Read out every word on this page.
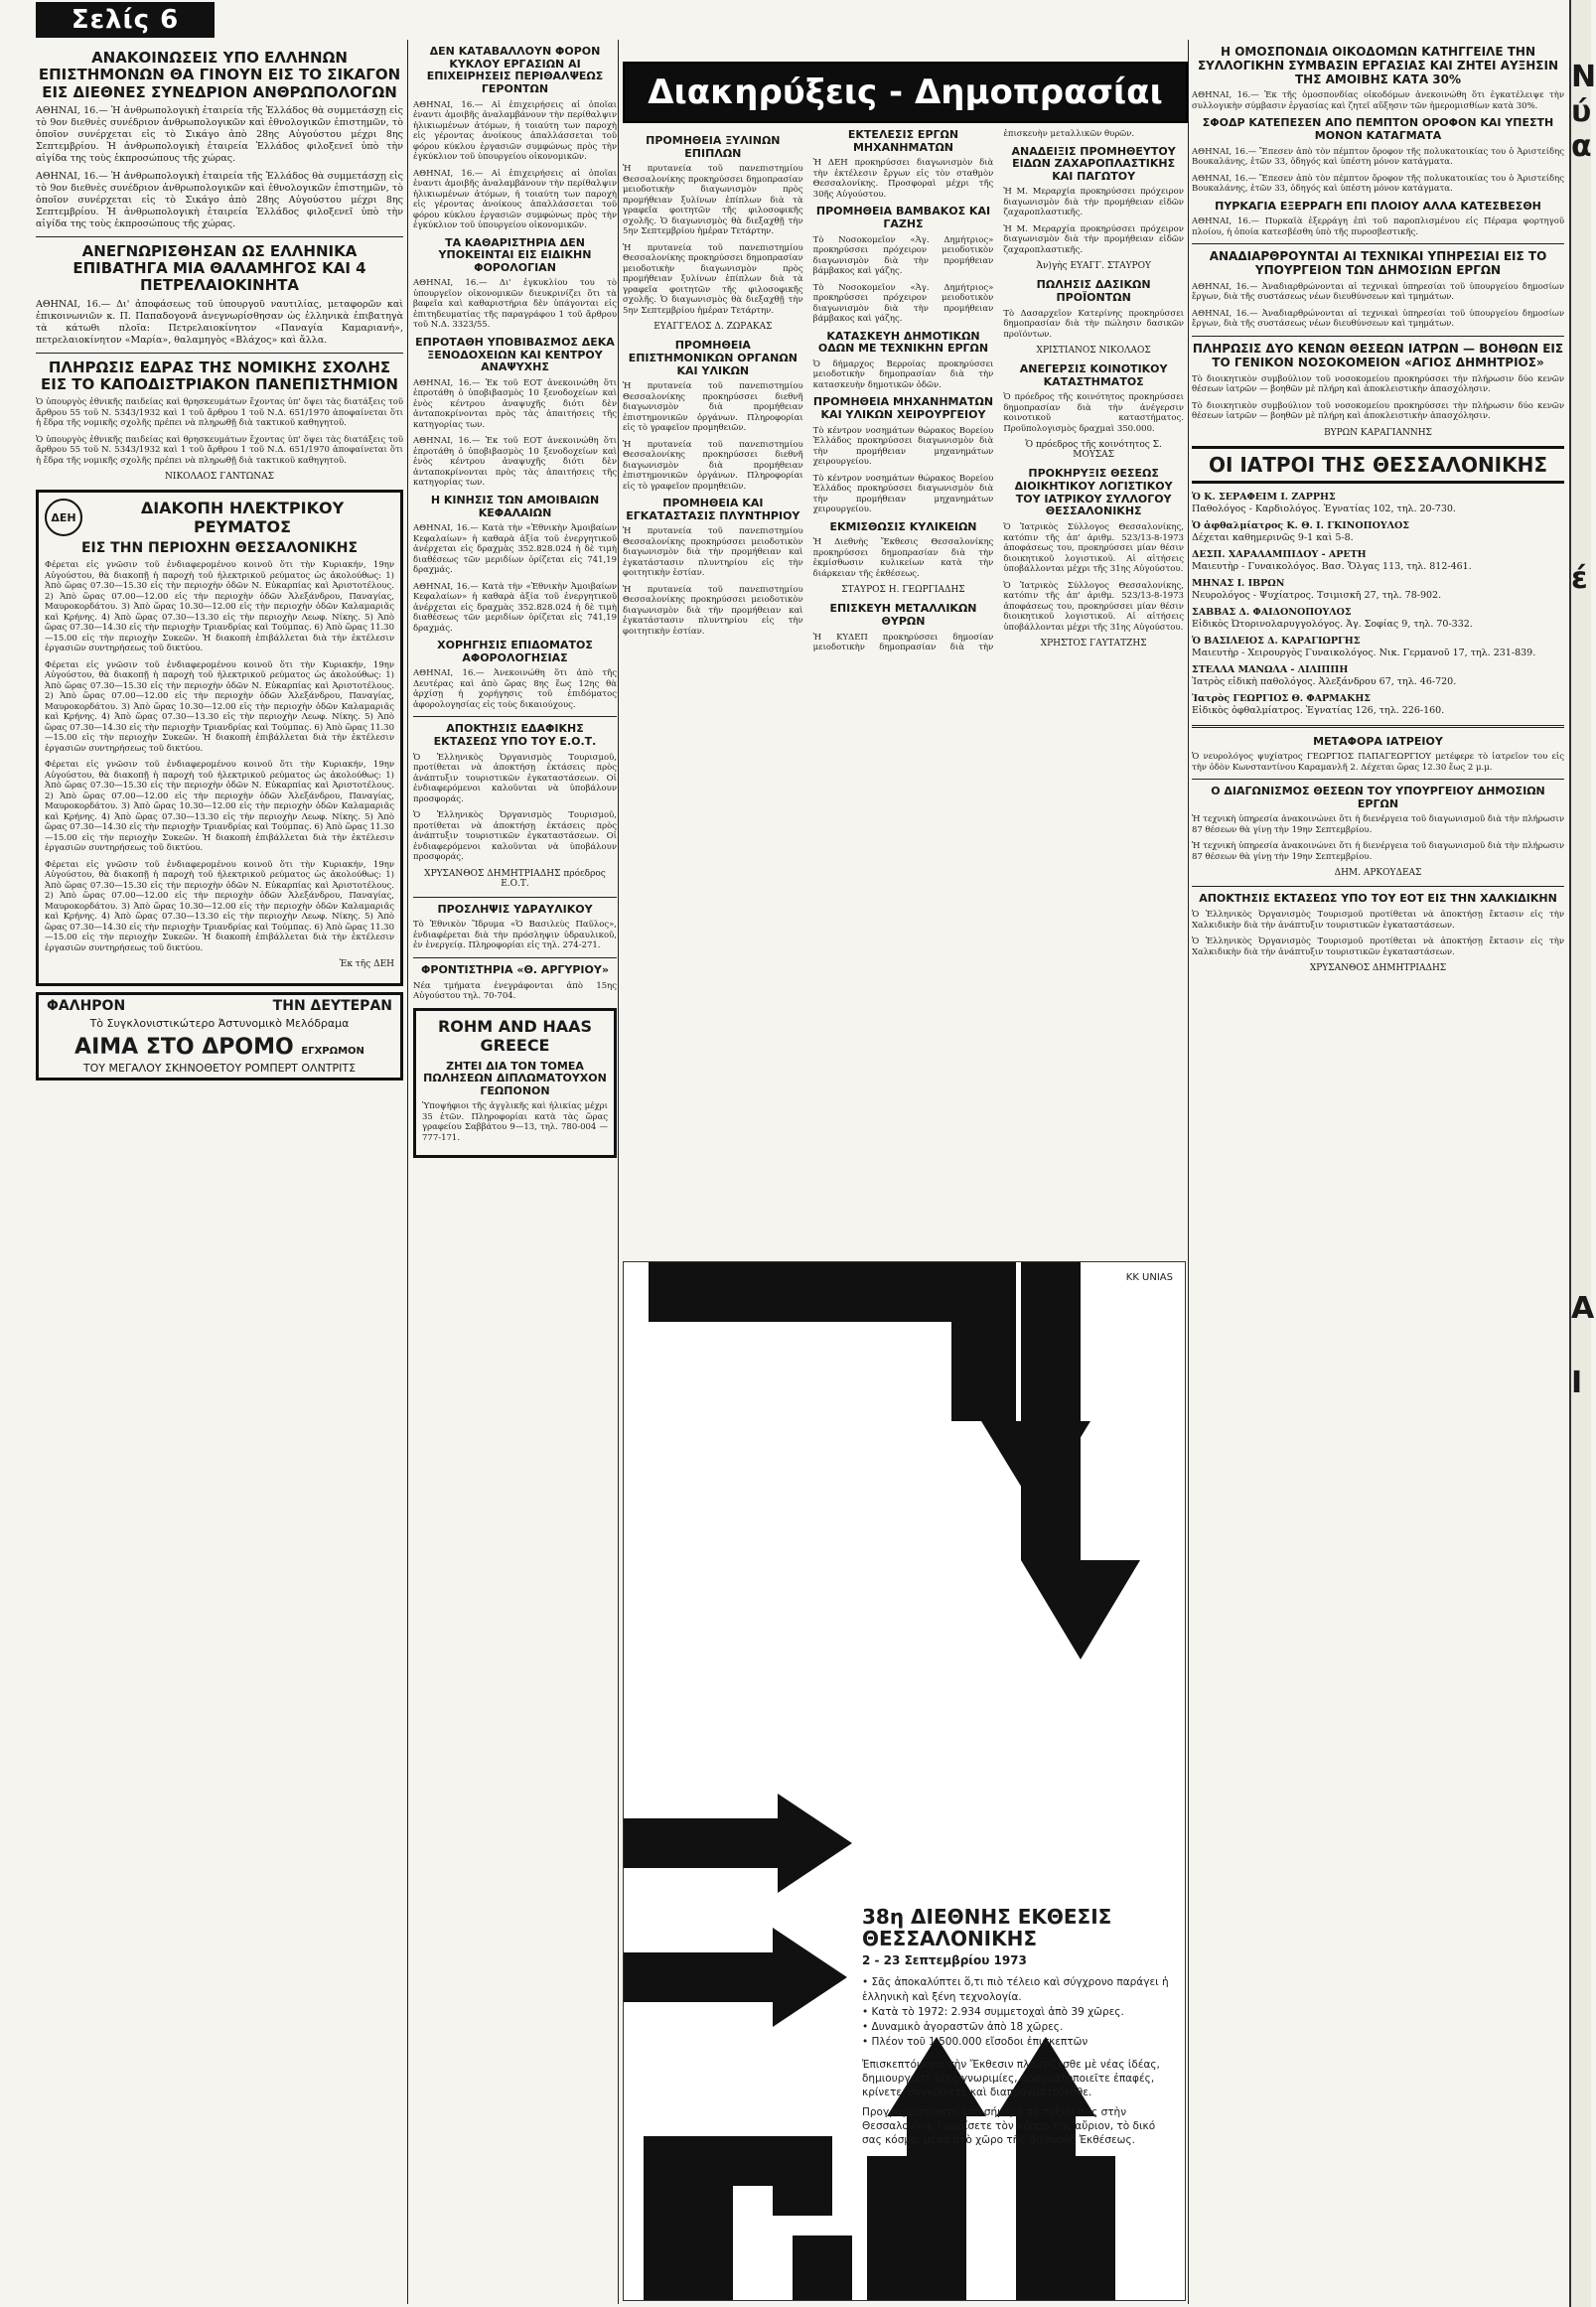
Σελίς 6
ΑΝΑΚΟΙΝΩΣΕΙΣ ΥΠΟ ΕΛΛΗΝΩΝ ΕΠΙΣΤΗΜΟΝΩΝ ΘΑ ΓΙΝΟΥΝ ΕΙΣ ΤΟ ΣΙΚΑΓΟΝ ΕΙΣ ΔΙΕΘΝΕΣ ΣΥΝΕΔΡΙΟΝ ΑΝΘΡΩΠΟΛΟΓΩΝ

ΑΘΗΝΑΙ, 16.— Ἡ ἀνθρωπολογικὴ ἑταιρεία τῆς Ἑλλάδος θὰ συμμετάσχῃ εἰς τὸ 9ον διεθνὲς συνέδριον ἀνθρωπολογικῶν καὶ ἐθνολογικῶν ἐπιστημῶν, τὸ ὁποῖον συνέρχεται εἰς τὸ Σικάγο ἀπὸ 28ης Αὐγούστου μέχρι 8ης Σεπτεμβρίου. Ἡ ἀνθρωπολογικὴ ἑταιρεία Ἑλλάδος φιλοξενεῖ ὑπὸ τὴν αἰγίδα της τοὺς ἐκπροσώπους τῆς χώρας.

ΑΘΗΝΑΙ, 16.— Ἡ ἀνθρωπολογικὴ ἑταιρεία τῆς Ἑλλάδος θὰ συμμετάσχῃ εἰς τὸ 9ον διεθνὲς συνέδριον ἀνθρωπολογικῶν καὶ ἐθνολογικῶν ἐπιστημῶν, τὸ ὁποῖον συνέρχεται εἰς τὸ Σικάγο ἀπὸ 28ης Αὐγούστου μέχρι 8ης Σεπτεμβρίου. Ἡ ἀνθρωπολογικὴ ἑταιρεία Ἑλλάδος φιλοξενεῖ ὑπὸ τὴν αἰγίδα της τοὺς ἐκπροσώπους τῆς χώρας.

ΑΝΕΓΝΩΡΙΣΘΗΣΑΝ ΩΣ ΕΛΛΗΝΙΚΑ ΕΠΙΒΑΤΗΓΑ ΜΙΑ ΘΑΛΑΜΗΓΟΣ ΚΑΙ 4 ΠΕΤΡΕΛΑΙΟΚΙΝΗΤΑ

ΑΘΗΝΑΙ, 16.— Δι' ἀποφάσεως τοῦ ὑπουργοῦ ναυτιλίας, μεταφορῶν καὶ ἐπικοινωνιῶν κ. Π. Παπαδογονᾶ ἀνεγνωρίσθησαν ὡς ἑλληνικὰ ἐπιβατηγὰ τὰ κάτωθι πλοῖα: Πετρελαιοκίνητον «Παναγία Καμαριανή», πετρελαιοκίνητον «Μαρία», θαλαμηγὸς «Βλάχος» καὶ ἄλλα.

ΠΛΗΡΩΣΙΣ ΕΔΡΑΣ ΤΗΣ ΝΟΜΙΚΗΣ ΣΧΟΛΗΣ ΕΙΣ ΤΟ ΚΑΠΟΔΙΣΤΡΙΑΚΟΝ ΠΑΝΕΠΙΣΤΗΜΙΟΝ

Ὁ ὑπουργὸς ἐθνικῆς παιδείας καὶ θρησκευμάτων ἔχοντας ὑπ' ὄψει τὰς διατάξεις τοῦ ἄρθρου 55 τοῦ Ν. 5343/1932 καὶ 1 τοῦ ἄρθρου 1 τοῦ Ν.Δ. 651/1970 ἀποφαίνεται ὅτι ἡ ἕδρα τῆς νομικῆς σχολῆς πρέπει νὰ πληρωθῇ διὰ τακτικοῦ καθηγητοῦ.

Ὁ ὑπουργὸς ἐθνικῆς παιδείας καὶ θρησκευμάτων ἔχοντας ὑπ' ὄψει τὰς διατάξεις τοῦ ἄρθρου 55 τοῦ Ν. 5343/1932 καὶ 1 τοῦ ἄρθρου 1 τοῦ Ν.Δ. 651/1970 ἀποφαίνεται ὅτι ἡ ἕδρα τῆς νομικῆς σχολῆς πρέπει νὰ πληρωθῇ διὰ τακτικοῦ καθηγητοῦ.

ΝΙΚΟΛΑΟΣ ΓΑΝΤΩΝΑΣ
ΔΕΗ	ΔΙΑΚΟΠΗ ΗΛΕΚΤΡΙΚΟΥ ΡΕΥΜΑΤΟΣ
ΕΙΣ ΤΗΝ ΠΕΡΙΟΧΗΝ ΘΕΣΣΑΛΟΝΙΚΗΣ

Φέρεται εἰς γνῶσιν τοῦ ἐνδιαφερομένου κοινοῦ ὅτι τὴν Κυριακήν, 19ην Αὐγούστου, θὰ διακοπῇ ἡ παροχὴ τοῦ ἠλεκτρικοῦ ρεύματος ὡς ἀκολούθως: 1) Ἀπὸ ὥρας 07.30—15.30 εἰς τὴν περιοχὴν ὁδῶν Ν. Εὐκαρπίας καὶ Ἀριστοτέλους. 2) Ἀπὸ ὥρας 07.00—12.00 εἰς τὴν περιοχὴν ὁδῶν Ἀλεξάνδρου, Παναγίας, Μαυροκορδάτου. 3) Ἀπὸ ὥρας 10.30—12.00 εἰς τὴν περιοχὴν ὁδῶν Καλαμαριᾶς καὶ Κρήνης. 4) Ἀπὸ ὥρας 07.30—13.30 εἰς τὴν περιοχὴν Λεωφ. Νίκης. 5) Ἀπὸ ὥρας 07.30—14.30 εἰς τὴν περιοχὴν Τριανδρίας καὶ Τούμπας. 6) Ἀπὸ ὥρας 11.30—15.00 εἰς τὴν περιοχὴν Συκεῶν. Ἡ διακοπὴ ἐπιβάλλεται διὰ τὴν ἐκτέλεσιν ἐργασιῶν συντηρήσεως τοῦ δικτύου.

Φέρεται εἰς γνῶσιν τοῦ ἐνδιαφερομένου κοινοῦ ὅτι τὴν Κυριακήν, 19ην Αὐγούστου, θὰ διακοπῇ ἡ παροχὴ τοῦ ἠλεκτρικοῦ ρεύματος ὡς ἀκολούθως: 1) Ἀπὸ ὥρας 07.30—15.30 εἰς τὴν περιοχὴν ὁδῶν Ν. Εὐκαρπίας καὶ Ἀριστοτέλους. 2) Ἀπὸ ὥρας 07.00—12.00 εἰς τὴν περιοχὴν ὁδῶν Ἀλεξάνδρου, Παναγίας, Μαυροκορδάτου. 3) Ἀπὸ ὥρας 10.30—12.00 εἰς τὴν περιοχὴν ὁδῶν Καλαμαριᾶς καὶ Κρήνης. 4) Ἀπὸ ὥρας 07.30—13.30 εἰς τὴν περιοχὴν Λεωφ. Νίκης. 5) Ἀπὸ ὥρας 07.30—14.30 εἰς τὴν περιοχὴν Τριανδρίας καὶ Τούμπας. 6) Ἀπὸ ὥρας 11.30—15.00 εἰς τὴν περιοχὴν Συκεῶν. Ἡ διακοπὴ ἐπιβάλλεται διὰ τὴν ἐκτέλεσιν ἐργασιῶν συντηρήσεως τοῦ δικτύου.

Φέρεται εἰς γνῶσιν τοῦ ἐνδιαφερομένου κοινοῦ ὅτι τὴν Κυριακήν, 19ην Αὐγούστου, θὰ διακοπῇ ἡ παροχὴ τοῦ ἠλεκτρικοῦ ρεύματος ὡς ἀκολούθως: 1) Ἀπὸ ὥρας 07.30—15.30 εἰς τὴν περιοχὴν ὁδῶν Ν. Εὐκαρπίας καὶ Ἀριστοτέλους. 2) Ἀπὸ ὥρας 07.00—12.00 εἰς τὴν περιοχὴν ὁδῶν Ἀλεξάνδρου, Παναγίας, Μαυροκορδάτου. 3) Ἀπὸ ὥρας 10.30—12.00 εἰς τὴν περιοχὴν ὁδῶν Καλαμαριᾶς καὶ Κρήνης. 4) Ἀπὸ ὥρας 07.30—13.30 εἰς τὴν περιοχὴν Λεωφ. Νίκης. 5) Ἀπὸ ὥρας 07.30—14.30 εἰς τὴν περιοχὴν Τριανδρίας καὶ Τούμπας. 6) Ἀπὸ ὥρας 11.30—15.00 εἰς τὴν περιοχὴν Συκεῶν. Ἡ διακοπὴ ἐπιβάλλεται διὰ τὴν ἐκτέλεσιν ἐργασιῶν συντηρήσεως τοῦ δικτύου.

Φέρεται εἰς γνῶσιν τοῦ ἐνδιαφερομένου κοινοῦ ὅτι τὴν Κυριακήν, 19ην Αὐγούστου, θὰ διακοπῇ ἡ παροχὴ τοῦ ἠλεκτρικοῦ ρεύματος ὡς ἀκολούθως: 1) Ἀπὸ ὥρας 07.30—15.30 εἰς τὴν περιοχὴν ὁδῶν Ν. Εὐκαρπίας καὶ Ἀριστοτέλους. 2) Ἀπὸ ὥρας 07.00—12.00 εἰς τὴν περιοχὴν ὁδῶν Ἀλεξάνδρου, Παναγίας, Μαυροκορδάτου. 3) Ἀπὸ ὥρας 10.30—12.00 εἰς τὴν περιοχὴν ὁδῶν Καλαμαριᾶς καὶ Κρήνης. 4) Ἀπὸ ὥρας 07.30—13.30 εἰς τὴν περιοχὴν Λεωφ. Νίκης. 5) Ἀπὸ ὥρας 07.30—14.30 εἰς τὴν περιοχὴν Τριανδρίας καὶ Τούμπας. 6) Ἀπὸ ὥρας 11.30—15.00 εἰς τὴν περιοχὴν Συκεῶν. Ἡ διακοπὴ ἐπιβάλλεται διὰ τὴν ἐκτέλεσιν ἐργασιῶν συντηρήσεως τοῦ δικτύου.

Ἐκ τῆς ΔΕΗ
ΦΑΛΗΡΟΝ	ΤΗΝ ΔΕΥΤΕΡΑΝ
Τὸ Συγκλονιστικώτερο Ἀστυνομικὸ Μελόδραμα
ΑΙΜΑ ΣΤΟ ΔΡΟΜΟ ΕΓΧΡΩΜΟΝ
ΤΟΥ ΜΕΓΑΛΟΥ ΣΚΗΝΟΘΕΤΟΥ ΡΟΜΠΕΡΤ ΟΛΝΤΡΙΤΣ
ΔΕΝ ΚΑΤΑΒΑΛΛΟΥΝ ΦΟΡΟΝ ΚΥΚΛΟΥ ΕΡΓΑΣΙΩΝ ΑΙ ΕΠΙΧΕΙΡΗΣΕΙΣ ΠΕΡΙΘΑΛΨΕΩΣ ΓΕΡΟΝΤΩΝ

ΑΘΗΝΑΙ, 16.— Αἱ ἐπιχειρήσεις αἱ ὁποῖαι ἐναντι ἀμοιβῆς ἀναλαμβάνουν τὴν περίθαλψιν ἡλικιωμένων ἀτόμων, ἡ τοιαύτη των παροχὴ εἰς γέροντας ἀνοίκους ἀπαλλάσσεται τοῦ φόρου κύκλου ἐργασιῶν συμφώνως πρὸς τὴν ἐγκύκλιον τοῦ ὑπουργείου οἰκονομικῶν.

ΑΘΗΝΑΙ, 16.— Αἱ ἐπιχειρήσεις αἱ ὁποῖαι ἐναντι ἀμοιβῆς ἀναλαμβάνουν τὴν περίθαλψιν ἡλικιωμένων ἀτόμων, ἡ τοιαύτη των παροχὴ εἰς γέροντας ἀνοίκους ἀπαλλάσσεται τοῦ φόρου κύκλου ἐργασιῶν συμφώνως πρὸς τὴν ἐγκύκλιον τοῦ ὑπουργείου οἰκονομικῶν.

ΤΑ ΚΑΘΑΡΙΣΤΗΡΙΑ ΔΕΝ ΥΠΟΚΕΙΝΤΑΙ ΕΙΣ ΕΙΔΙΚΗΝ ΦΟΡΟΛΟΓΙΑΝ

ΑΘΗΝΑΙ, 16.— Δι' ἐγκυκλίου του τὸ ὑπουργεῖον οἰκονομικῶν διευκρινίζει ὅτι τὰ βαφεῖα καὶ καθαριστήρια δὲν ὑπάγονται εἰς ἐπιτηδευματίας τῆς παραγράφου 1 τοῦ ἄρθρου τοῦ Ν.Δ. 3323/55.

ΕΠΡΟΤΑΘΗ ΥΠΟΒΙΒΑΣΜΟΣ ΔΕΚΑ ΞΕΝΟΔΟΧΕΙΩΝ ΚΑΙ ΚΕΝΤΡΟΥ ΑΝΑΨΥΧΗΣ

ΑΘΗΝΑΙ, 16.— Ἐκ τοῦ ΕΟΤ ἀνεκοινώθη ὅτι ἐπροτάθη ὁ ὑποβιβασμὸς 10 ξενοδοχείων καὶ ἑνὸς κέντρου ἀναψυχῆς διότι δὲν ἀνταποκρίνονται πρὸς τὰς ἀπαιτήσεις τῆς κατηγορίας των.

ΑΘΗΝΑΙ, 16.— Ἐκ τοῦ ΕΟΤ ἀνεκοινώθη ὅτι ἐπροτάθη ὁ ὑποβιβασμὸς 10 ξενοδοχείων καὶ ἑνὸς κέντρου ἀναψυχῆς διότι δὲν ἀνταποκρίνονται πρὸς τὰς ἀπαιτήσεις τῆς κατηγορίας των.

Η ΚΙΝΗΣΙΣ ΤΩΝ ΑΜΟΙΒΑΙΩΝ ΚΕΦΑΛΑΙΩΝ

ΑΘΗΝΑΙ, 16.— Κατὰ τὴν «Ἐθνικὴν Ἀμοιβαίων Κεφαλαίων» ἡ καθαρὰ ἀξία τοῦ ἐνεργητικοῦ ἀνέρχεται εἰς δραχμὰς 352.828.024 ἡ δὲ τιμὴ διαθέσεως τῶν μεριδίων ὁρίζεται εἰς 741,19 δραχμάς.

ΑΘΗΝΑΙ, 16.— Κατὰ τὴν «Ἐθνικὴν Ἀμοιβαίων Κεφαλαίων» ἡ καθαρὰ ἀξία τοῦ ἐνεργητικοῦ ἀνέρχεται εἰς δραχμὰς 352.828.024 ἡ δὲ τιμὴ διαθέσεως τῶν μεριδίων ὁρίζεται εἰς 741,19 δραχμάς.

ΧΟΡΗΓΗΣΙΣ ΕΠΙΔΟΜΑΤΟΣ ΑΦΟΡΟΛΟΓΗΣΙΑΣ

ΑΘΗΝΑΙ, 16.— Ἀνεκοινώθη ὅτι ἀπὸ τῆς Δευτέρας καὶ ἀπὸ ὥρας 8ης ἕως 12ης θὰ ἀρχίσῃ ἡ χορήγησις τοῦ ἐπιδόματος ἀφορολογησίας εἰς τοὺς δικαιούχους.

ΑΠΟΚΤΗΣΙΣ ΕΔΑΦΙΚΗΣ ΕΚΤΑΣΕΩΣ ΥΠΟ ΤΟΥ Ε.Ο.Τ.

Ὁ Ἑλληνικὸς Ὀργανισμὸς Τουρισμοῦ, προτίθεται νὰ ἀποκτήσῃ ἐκτάσεις πρὸς ἀνάπτυξιν τουριστικῶν ἐγκαταστάσεων. Οἱ ἐνδιαφερόμενοι καλοῦνται νὰ ὑποβάλουν προσφοράς.

Ὁ Ἑλληνικὸς Ὀργανισμὸς Τουρισμοῦ, προτίθεται νὰ ἀποκτήσῃ ἐκτάσεις πρὸς ἀνάπτυξιν τουριστικῶν ἐγκαταστάσεων. Οἱ ἐνδιαφερόμενοι καλοῦνται νὰ ὑποβάλουν προσφοράς.

ΧΡΥΣΑΝΘΟΣ ΔΗΜΗΤΡΙΑΔΗΣ πρόεδρος Ε.Ο.Τ.
ΠΡΟΣΛΗΨΙΣ ΥΔΡΑΥΛΙΚΟΥ

Τὸ Ἐθνικὸν Ἵδρυμα «Ὁ Βασιλεὺς Παῦλος», ἐνδιαφέρεται διὰ τὴν πρόσληψιν ὑδραυλικοῦ, ἐν ἐνεργείᾳ. Πληροφορίαι εἰς τηλ. 274-271.

ΦΡΟΝΤΙΣΤΗΡΙΑ «Θ. ΑΡΓΥΡΙΟΥ»

Νέα τμήματα ἐνεγράφονται ἀπὸ 15ης Αὐγούστου τηλ. 70-704.

ROHM AND HAAS GREECE
ΖΗΤΕΙ ΔΙΑ ΤΟΝ ΤΟΜΕΑ ΠΩΛΗΣΕΩΝ ΔΙΠΛΩΜΑΤΟΥΧΟΝ ΓΕΩΠΟΝΟΝ

Ὑποψήφιοι τῆς ἀγγλικῆς καὶ ἡλικίας μέχρι 35 ἐτῶν. Πληροφορίαι κατὰ τὰς ὥρας γραφείου Σαββάτου 9—13, τηλ. 780-004 — 777-171.

Διακηρύξεις - Δημοπρασίαι
ΠΡΟΜΗΘΕΙΑ ΞΥΛΙΝΩΝ ΕΠΙΠΛΩΝ

Ἡ πρυτανεία τοῦ πανεπιστημίου Θεσσαλονίκης προκηρύσσει δημοπρασίαν μειοδοτικὴν διαγωνισμὸν πρὸς προμήθειαν ξυλίνων ἐπίπλων διὰ τὰ γραφεῖα φοιτητῶν τῆς φιλοσοφικῆς σχολῆς. Ὁ διαγωνισμὸς θὰ διεξαχθῇ τὴν 5ην Σεπτεμβρίου ἡμέραν Τετάρτην.

Ἡ πρυτανεία τοῦ πανεπιστημίου Θεσσαλονίκης προκηρύσσει δημοπρασίαν μειοδοτικὴν διαγωνισμὸν πρὸς προμήθειαν ξυλίνων ἐπίπλων διὰ τὰ γραφεῖα φοιτητῶν τῆς φιλοσοφικῆς σχολῆς. Ὁ διαγωνισμὸς θὰ διεξαχθῇ τὴν 5ην Σεπτεμβρίου ἡμέραν Τετάρτην.

ΕΥΑΓΓΕΛΟΣ Δ. ΖΩΡΑΚΑΣ
ΠΡΟΜΗΘΕΙΑ ΕΠΙΣΤΗΜΟΝΙΚΩΝ ΟΡΓΑΝΩΝ ΚΑΙ ΥΛΙΚΩΝ

Ἡ πρυτανεία τοῦ πανεπιστημίου Θεσσαλονίκης προκηρύσσει διεθνῆ διαγωνισμὸν διὰ προμήθειαν ἐπιστημονικῶν ὀργάνων. Πληροφορίαι εἰς τὸ γραφεῖον προμηθειῶν.

Ἡ πρυτανεία τοῦ πανεπιστημίου Θεσσαλονίκης προκηρύσσει διεθνῆ διαγωνισμὸν διὰ προμήθειαν ἐπιστημονικῶν ὀργάνων. Πληροφορίαι εἰς τὸ γραφεῖον προμηθειῶν.

ΠΡΟΜΗΘΕΙΑ ΚΑΙ ΕΓΚΑΤΑΣΤΑΣΙΣ ΠΛΥΝΤΗΡΙΟΥ

Ἡ πρυτανεία τοῦ πανεπιστημίου Θεσσαλονίκης προκηρύσσει μειοδοτικὸν διαγωνισμὸν διὰ τὴν προμήθειαν καὶ ἐγκατάστασιν πλυντηρίου εἰς τὴν φοιτητικὴν ἑστίαν.

Ἡ πρυτανεία τοῦ πανεπιστημίου Θεσσαλονίκης προκηρύσσει μειοδοτικὸν διαγωνισμὸν διὰ τὴν προμήθειαν καὶ ἐγκατάστασιν πλυντηρίου εἰς τὴν φοιτητικὴν ἑστίαν.

ΕΚΤΕΛΕΣΙΣ ΕΡΓΩΝ ΜΗΧΑΝΗΜΑΤΩΝ

Ἡ ΔΕΗ προκηρύσσει διαγωνισμὸν διὰ τὴν ἐκτέλεσιν ἔργων εἰς τὸν σταθμὸν Θεσσαλονίκης. Προσφοραὶ μέχρι τῆς 30ῆς Αὐγούστου.

ΠΡΟΜΗΘΕΙΑ ΒΑΜΒΑΚΟΣ ΚΑΙ ΓΑΖΗΣ

Τὸ Νοσοκομεῖον «Ἁγ. Δημήτριος» προκηρύσσει πρόχειρον μειοδοτικὸν διαγωνισμὸν διὰ τὴν προμήθειαν βάμβακος καὶ γάζης.

Τὸ Νοσοκομεῖον «Ἁγ. Δημήτριος» προκηρύσσει πρόχειρον μειοδοτικὸν διαγωνισμὸν διὰ τὴν προμήθειαν βάμβακος καὶ γάζης.

ΚΑΤΑΣΚΕΥΗ ΔΗΜΟΤΙΚΩΝ ΟΔΩΝ ΜΕ ΤΕΧΝΙΚΗΝ ΕΡΓΩΝ

Ὁ δήμαρχος Βερροίας προκηρύσσει μειοδοτικὴν δημοπρασίαν διὰ τὴν κατασκευὴν δημοτικῶν ὁδῶν.

ΠΡΟΜΗΘΕΙΑ ΜΗΧΑΝΗΜΑΤΩΝ ΚΑΙ ΥΛΙΚΩΝ ΧΕΙΡΟΥΡΓΕΙΟΥ

Τὸ κέντρον νοσημάτων θώρακος Βορείου Ἑλλάδος προκηρύσσει διαγωνισμὸν διὰ τὴν προμήθειαν μηχανημάτων χειρουργείου.

Τὸ κέντρον νοσημάτων θώρακος Βορείου Ἑλλάδος προκηρύσσει διαγωνισμὸν διὰ τὴν προμήθειαν μηχανημάτων χειρουργείου.

ΕΚΜΙΣΘΩΣΙΣ ΚΥΛΙΚΕΙΩΝ

Ἡ Διεθνὴς Ἔκθεσις Θεσσαλονίκης προκηρύσσει δημοπρασίαν διὰ τὴν ἐκμίσθωσιν κυλικείων κατὰ τὴν διάρκειαν τῆς ἐκθέσεως.

ΣΤΑΥΡΟΣ Η. ΓΕΩΡΓΙΑΔΗΣ
ΕΠΙΣΚΕΥΗ ΜΕΤΑΛΛΙΚΩΝ ΘΥΡΩΝ

Ἡ ΚΥΔΕΠ προκηρύσσει δημοσίαν μειοδοτικὴν δημοπρασίαν διὰ τὴν ἐπισκευὴν μεταλλικῶν θυρῶν.

ΑΝΑΔΕΙΞΙΣ ΠΡΟΜΗΘΕΥΤΟΥ ΕΙΔΩΝ ΖΑΧΑΡΟΠΛΑΣΤΙΚΗΣ ΚΑΙ ΠΑΓΩΤΟΥ

Ἡ Μ. Μεραρχία προκηρύσσει πρόχειρον διαγωνισμὸν διὰ τὴν προμήθειαν εἰδῶν ζαχαροπλαστικῆς.

Ἡ Μ. Μεραρχία προκηρύσσει πρόχειρον διαγωνισμὸν διὰ τὴν προμήθειαν εἰδῶν ζαχαροπλαστικῆς.

Ἀν)γὴς ΕΥΑΓΓ. ΣΤΑΥΡΟΥ
ΠΩΛΗΣΙΣ ΔΑΣΙΚΩΝ ΠΡΟΪΟΝΤΩΝ

Τὸ Δασαρχεῖον Κατερίνης προκηρύσσει δημοπρασίαν διὰ τὴν πώλησιν δασικῶν προϊόντων.

ΧΡΙΣΤΙΑΝΟΣ ΝΙΚΟΛΑΟΣ
ΑΝΕΓΕΡΣΙΣ ΚΟΙΝΟΤΙΚΟΥ ΚΑΤΑΣΤΗΜΑΤΟΣ

Ὁ πρόεδρος τῆς κοινότητος προκηρύσσει δημοπρασίαν διὰ τὴν ἀνέγερσιν κοινοτικοῦ καταστήματος. Προϋπολογισμὸς δραχμαὶ 350.000.

Ὁ πρόεδρος τῆς κοινότητος Σ. ΜΟΥΣΑΣ
ΠΡΟΚΗΡΥΞΙΣ ΘΕΣΕΩΣ ΔΙΟΙΚΗΤΙΚΟΥ ΛΟΓΙΣΤΙΚΟΥ ΤΟΥ ΙΑΤΡΙΚΟΥ ΣΥΛΛΟΓΟΥ ΘΕΣΣΑΛΟΝΙΚΗΣ

Ὁ Ἰατρικὸς Σύλλογος Θεσσαλονίκης, κατόπιν τῆς ἀπ' ἀριθμ. 523/13-8-1973 ἀποφάσεως του, προκηρύσσει μίαν θέσιν διοικητικοῦ λογιστικοῦ. Αἱ αἰτήσεις ὑποβάλλονται μέχρι τῆς 31ης Αὐγούστου.

Ὁ Ἰατρικὸς Σύλλογος Θεσσαλονίκης, κατόπιν τῆς ἀπ' ἀριθμ. 523/13-8-1973 ἀποφάσεως του, προκηρύσσει μίαν θέσιν διοικητικοῦ λογιστικοῦ. Αἱ αἰτήσεις ὑποβάλλονται μέχρι τῆς 31ης Αὐγούστου.

ΧΡΗΣΤΟΣ ΓΑΥΤΑΤΖΗΣ
ΚΚ UNIAS
38η ΔΙΕΘΝΗΣ ΕΚΘΕΣΙΣ ΘΕΣΣΑΛΟΝΙΚΗΣ
2 - 23 Σεπτεμβρίου 1973
• Σᾶς ἀποκαλύπτει ὅ,τι πιὸ τέλειο καὶ σύγχρονο παράγει ἡ ἑλληνικὴ καὶ ξένη τεχνολογία.
• Κατὰ τὸ 1972: 2.934 συμμετοχαὶ ἀπὸ 39 χῶρες.
• Δυναμικὸ ἀγοραστῶν ἀπὸ 18 χῶρες.
• Πλέον τοῦ 1.500.000 εἴσοδοι ἐπισκεπτῶν

Ἐπισκεπτόμενοι τὴν Ἔκθεσιν πλουτίζεσθε μὲ νέας ἰδέας, δημιουργεῖτε νέες γνωριμίες, πραγματοποιεῖτε ἐπαφές, κρίνετε, συγκρίνετε καὶ διαπραγματεύεσθε.

Προγραμματίσατε ἀπὸ σήμερα τὸ ταξίδι σας στὴν Θεσσαλονίκη. Γνωρίσετε τὸν κόσμο τῆς αὔριον, τὸ δικό σας κόσμο, μέσα στὸ χῶρο τῆς Διεθνοῦς Ἐκθέσεως.

Η ΟΜΟΣΠΟΝΔΙΑ ΟΙΚΟΔΟΜΩΝ ΚΑΤΗΓΓΕΙΛΕ ΤΗΝ ΣΥΛΛΟΓΙΚΗΝ ΣΥΜΒΑΣΙΝ ΕΡΓΑΣΙΑΣ ΚΑΙ ΖΗΤΕΙ ΑΥΞΗΣΙΝ ΤΗΣ ΑΜΟΙΒΗΣ ΚΑΤΑ 30%

ΑΘΗΝΑΙ, 16.— Ἐκ τῆς ὁμοσπονδίας οἰκοδόμων ἀνεκοινώθη ὅτι ἐγκατέλειψε τὴν συλλογικὴν σύμβασιν ἐργασίας καὶ ζητεῖ αὔξησιν τῶν ἡμερομισθίων κατὰ 30%.

ΣΦΟΔΡ ΚΑΤΕΠΕΣΕΝ ΑΠΟ ΠΕΜΠΤΟΝ ΟΡΟΦΟΝ ΚΑΙ ΥΠΕΣΤΗ ΜΟΝΟΝ ΚΑΤΑΓΜΑΤΑ

ΑΘΗΝΑΙ, 16.— Ἔπεσεν ἀπὸ τὸν πέμπτον ὄροφον τῆς πολυκατοικίας του ὁ Ἀριστείδης Βουκαλάνης, ἐτῶν 33, ὁδηγός καὶ ὑπέστη μόνον κατάγματα.

ΑΘΗΝΑΙ, 16.— Ἔπεσεν ἀπὸ τὸν πέμπτον ὄροφον τῆς πολυκατοικίας του ὁ Ἀριστείδης Βουκαλάνης, ἐτῶν 33, ὁδηγός καὶ ὑπέστη μόνον κατάγματα.

ΠΥΡΚΑΓΙΑ ΕΞΕΡΡΑΓΗ ΕΠΙ ΠΛΟΙΟΥ ΑΛΛΑ ΚΑΤΕΣΒΕΣΘΗ

ΑΘΗΝΑΙ, 16.— Πυρκαϊὰ ἐξερράγη ἐπὶ τοῦ παροπλισμένου εἰς Πέραμα φορτηγοῦ πλοίου, ἡ ὁποία κατεσβέσθη ὑπὸ τῆς πυροσβεστικῆς.

ΑΝΑΔΙΑΡΘΡΟΥΝΤΑΙ ΑΙ ΤΕΧΝΙΚΑΙ ΥΠΗΡΕΣΙΑΙ ΕΙΣ ΤΟ ΥΠΟΥΡΓΕΙΟΝ ΤΩΝ ΔΗΜΟΣΙΩΝ ΕΡΓΩΝ

ΑΘΗΝΑΙ, 16.— Ἀναδιαρθρώνονται αἱ τεχνικαὶ ὑπηρεσίαι τοῦ ὑπουργείου δημοσίων ἔργων, διὰ τῆς συστάσεως νέων διευθύνσεων καὶ τμημάτων.

ΑΘΗΝΑΙ, 16.— Ἀναδιαρθρώνονται αἱ τεχνικαὶ ὑπηρεσίαι τοῦ ὑπουργείου δημοσίων ἔργων, διὰ τῆς συστάσεως νέων διευθύνσεων καὶ τμημάτων.

ΠΛΗΡΩΣΙΣ ΔΥΟ ΚΕΝΩΝ ΘΕΣΕΩΝ ΙΑΤΡΩΝ — ΒΟΗΘΩΝ ΕΙΣ ΤΟ ΓΕΝΙΚΟΝ ΝΟΣΟΚΟΜΕΙΟΝ «ΑΓΙΟΣ ΔΗΜΗΤΡΙΟΣ»

Τὸ διοικητικὸν συμβούλιον τοῦ νοσοκομείου προκηρύσσει τὴν πλήρωσιν δύο κενῶν θέσεων ἰατρῶν — βοηθῶν μὲ πλήρη καὶ ἀποκλειστικὴν ἀπασχόλησιν.

Τὸ διοικητικὸν συμβούλιον τοῦ νοσοκομείου προκηρύσσει τὴν πλήρωσιν δύο κενῶν θέσεων ἰατρῶν — βοηθῶν μὲ πλήρη καὶ ἀποκλειστικὴν ἀπασχόλησιν.

ΒΥΡΩΝ ΚΑΡΑΓΙΑΝΝΗΣ
ΟΙ ΙΑΤΡΟΙ ΤΗΣ ΘΕΣΣΑΛΟΝΙΚΗΣ
Ὁ Κ. ΣΕΡΑΦΕΙΜ Ι. ΖΑΡΡΗΣ
Παθολόγος - Καρδιολόγος. Ἐγνατίας 102, τηλ. 20-730.
Ὁ ἀφθαλμίατρος Κ. Θ. Ι. ΓΚΙΝΟΠΟΥΛΟΣ
Δέχεται καθημερινῶς 9-1 καὶ 5-8.
ΔΕΣΠ. ΧΑΡΑΛΑΜΠΙΔΟΥ - ΑΡΕΤΗ
Μαιευτὴρ - Γυναικολόγος. Βασ. Ὄλγας 113, τηλ. 812-461.
ΜΗΝΑΣ Ι. ΙΒΡΩΝ
Νευρολόγος - Ψυχίατρος. Τσιμισκῆ 27, τηλ. 78-902.
ΣΑΒΒΑΣ Δ. ΦΑΙΔΟΝΟΠΟΥΛΟΣ
Εἰδικὸς Ὠτορινολαρυγγολόγος. Ἀγ. Σοφίας 9, τηλ. 70-332.
Ὁ ΒΑΣΙΛΕΙΟΣ Δ. ΚΑΡΑΓΙΩΡΓΗΣ
Μαιευτὴρ - Χειρουργὸς Γυναικολόγος. Νικ. Γερμανοῦ 17, τηλ. 231-839.
ΣΤΕΛΛΑ ΜΑΝΩΛΑ - ΛΙΛΙΠΠΗ
Ἰατρὸς εἰδικὴ παθολόγος. Ἀλεξάνδρου 67, τηλ. 46-720.
Ἰατρὸς ΓΕΩΡΓΙΟΣ Θ. ΦΑΡΜΑΚΗΣ
Εἰδικὸς ὀφθαλμίατρος. Ἐγνατίας 126, τηλ. 226-160.
ΜΕΤΑΦΟΡΑ ΙΑΤΡΕΙΟΥ

Ὁ νευρολόγος ψυχίατρος ΓΕΩΡΓΙΟΣ ΠΑΠΑΓΕΩΡΓΙΟΥ μετέφερε τὸ ἰατρεῖον του εἰς τὴν ὁδὸν Κωνσταντίνου Καραμανλῆ 2. Δέχεται ὥρας 12.30 ἕως 2 μ.μ.

Ο ΔΙΑΓΩΝΙΣΜΟΣ ΘΕΣΕΩΝ ΤΟΥ ΥΠΟΥΡΓΕΙΟΥ ΔΗΜΟΣΙΩΝ ΕΡΓΩΝ

Ἡ τεχνικὴ ὑπηρεσία ἀνακοινώνει ὅτι ἡ διενέργεια τοῦ διαγωνισμοῦ διὰ τὴν πλήρωσιν 87 θέσεων θὰ γίνῃ τὴν 19ην Σεπτεμβρίου.

Ἡ τεχνικὴ ὑπηρεσία ἀνακοινώνει ὅτι ἡ διενέργεια τοῦ διαγωνισμοῦ διὰ τὴν πλήρωσιν 87 θέσεων θὰ γίνῃ τὴν 19ην Σεπτεμβρίου.

ΔΗΜ. ΑΡΚΟΥΔΕΑΣ
ΑΠΟΚΤΗΣΙΣ ΕΚΤΑΣΕΩΣ ΥΠΟ ΤΟΥ ΕΟΤ ΕΙΣ ΤΗΝ ΧΑΛΚΙΔΙΚΗΝ

Ὁ Ἑλληνικὸς Ὀργανισμὸς Τουρισμοῦ προτίθεται νὰ ἀποκτήσῃ ἔκτασιν εἰς τὴν Χαλκιδικὴν διὰ τὴν ἀνάπτυξιν τουριστικῶν ἐγκαταστάσεων.

Ὁ Ἑλληνικὸς Ὀργανισμὸς Τουρισμοῦ προτίθεται νὰ ἀποκτήσῃ ἔκτασιν εἰς τὴν Χαλκιδικὴν διὰ τὴν ἀνάπτυξιν τουριστικῶν ἐγκαταστάσεων.

ΧΡΥΣΑΝΘΟΣ ΔΗΜΗΤΡΙΑΔΗΣ
Ν
ύ
α
έ
Α
Ι
